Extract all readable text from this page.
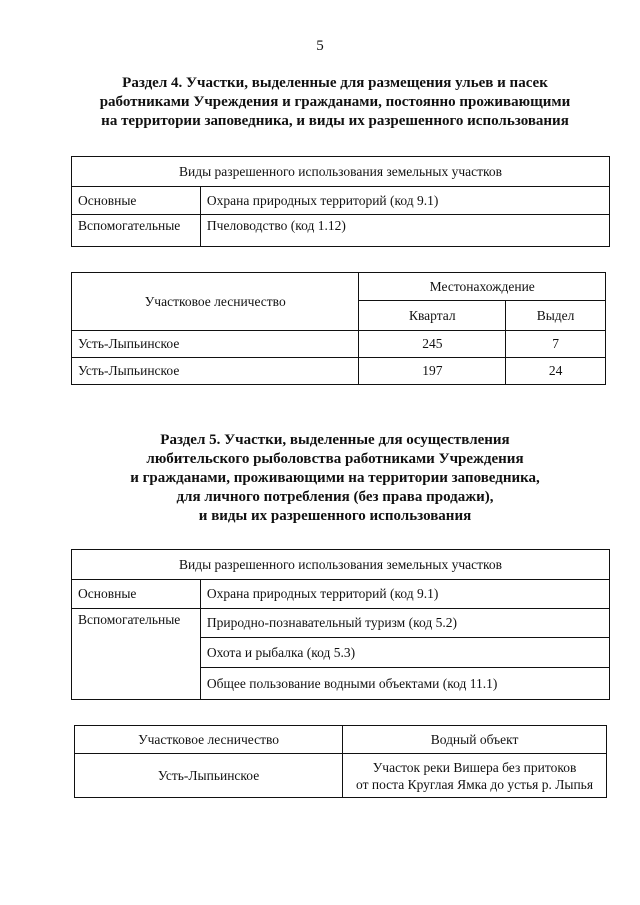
5
Раздел 4. Участки, выделенные для размещения ульев и пасек
работниками Учреждения и гражданами, постоянно проживающими
на территории заповедника, и виды их разрешенного использования
Виды разрешенного использования земельных участков	
Основные	Охрана природных территорий (код 9.1)
Вспомогательные	Пчеловодство (код 1.12)
Участковое лесничество	Местонахождение	
	Квартал	Выдел
Усть-Лыпьинское	245	7
Усть-Лыпьинское	197	24
Раздел 5. Участки, выделенные для осуществления
любительского рыболовства работниками Учреждения
и гражданами, проживающими на территории заповедника,
для личного потребления (без права продажи),
и виды их разрешенного использования
Виды разрешенного использования земельных участков	
Основные	Охрана природных территорий (код 9.1)
Вспомогательные	Природно-познавательный туризм (код 5.2)
	Охота и рыбалка (код 5.3)
	Общее пользование водными объектами (код 11.1)
Участковое лесничество	Водный объект
Усть-Лыпьинское	Участок реки Вишера без притоков
от поста Круглая Ямка до устья р. Лыпья
